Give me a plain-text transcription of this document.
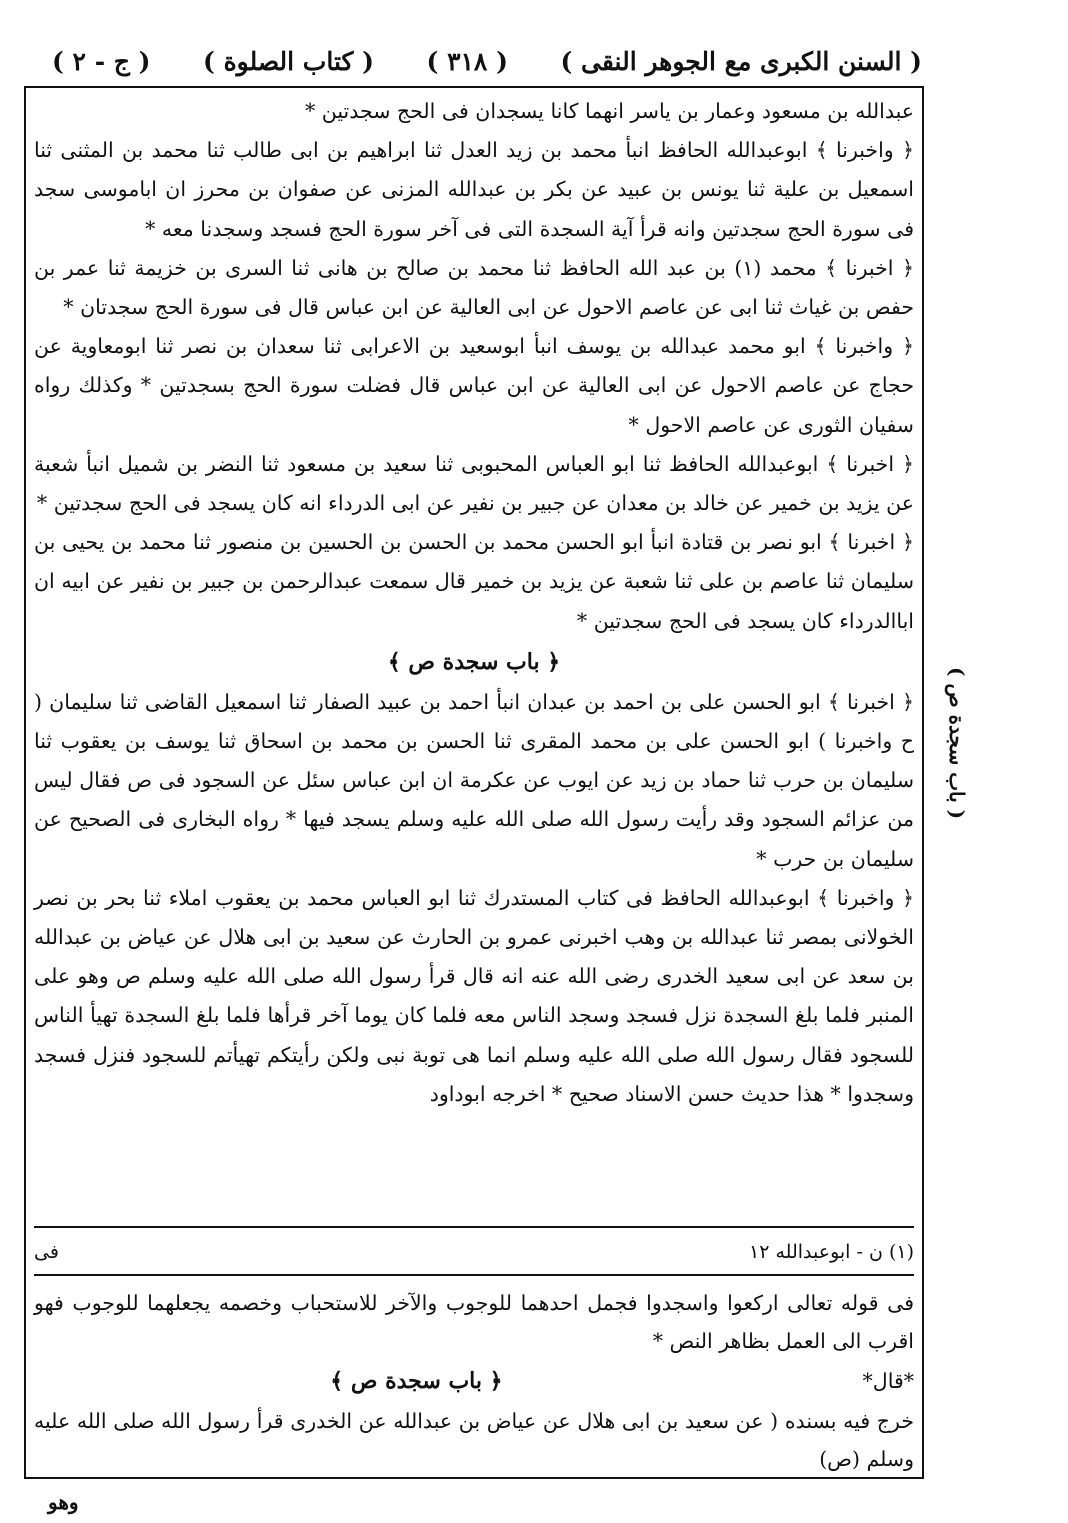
( السنن الكبرى مع الجوهر النقى )
( ٣١٨ )
( كتاب الصلوة )
( ج - ٢ )

عبدالله بن مسعود وعمار بن ياسر انهما كانا يسجدان فى الحج سجدتين *

﴿ واخبرنا ﴾ ابوعبدالله الحافظ انبأ محمد بن زيد العدل ثنا ابراهيم بن ابى طالب ثنا محمد بن المثنى ثنا اسمعيل بن علية ثنا يونس بن عبيد عن بكر بن عبدالله المزنى عن صفوان بن محرز ان اباموسى سجد فى سورة الحج سجدتين وانه قرأ آية السجدة التى فى آخر سورة الحج فسجد وسجدنا معه *

﴿ اخبرنا ﴾ محمد (١) بن عبد الله الحافظ ثنا محمد بن صالح بن هانى ثنا السرى بن خزيمة ثنا عمر بن حفص بن غياث ثنا ابى عن عاصم الاحول عن ابى العالية عن ابن عباس قال فى سورة الحج سجدتان *

﴿ واخبرنا ﴾ ابو محمد عبدالله بن يوسف انبأ ابوسعيد بن الاعرابى ثنا سعدان بن نصر ثنا ابومعاوية عن حجاج عن عاصم الاحول عن ابى العالية عن ابن عباس قال فضلت سورة الحج بسجدتين * وكذلك رواه سفيان الثورى عن عاصم الاحول *

﴿ اخبرنا ﴾ ابوعبدالله الحافظ ثنا ابو العباس المحبوبى ثنا سعيد بن مسعود ثنا النضر بن شميل انبأ شعبة عن يزيد بن خمير عن خالد بن معدان عن جبير بن نفير عن ابى الدرداء انه كان يسجد فى الحج سجدتين *

﴿ اخبرنا ﴾ ابو نصر بن قتادة انبأ ابو الحسن محمد بن الحسن بن الحسين بن منصور ثنا محمد بن يحيى بن سليمان ثنا عاصم بن على ثنا شعبة عن يزيد بن خمير قال سمعت عبدالرحمن بن جبير بن نفير عن ابيه ان اباالدرداء كان يسجد فى الحج سجدتين *

﴿ باب سجدة ص ﴾

﴿ اخبرنا ﴾ ابو الحسن على بن احمد بن عبدان انبأ احمد بن عبيد الصفار ثنا اسمعيل القاضى ثنا سليمان ( ح واخبرنا ) ابو الحسن على بن محمد المقرى ثنا الحسن بن محمد بن اسحاق ثنا يوسف بن يعقوب ثنا سليمان بن حرب ثنا حماد بن زيد عن ايوب عن عكرمة ان ابن عباس سئل عن السجود فى ص فقال ليس من عزائم السجود وقد رأيت رسول الله صلى الله عليه وسلم يسجد فيها * رواه البخارى فى الصحيح عن سليمان بن حرب *

﴿ واخبرنا ﴾ ابوعبدالله الحافظ فى كتاب المستدرك ثنا ابو العباس محمد بن يعقوب املاء ثنا بحر بن نصر الخولانى بمصر ثنا عبدالله بن وهب اخبرنى عمرو بن الحارث عن سعيد بن ابى هلال عن عياض بن عبدالله بن سعد عن ابى سعيد الخدرى رضى الله عنه انه قال قرأ رسول الله صلى الله عليه وسلم ص وهو على المنبر فلما بلغ السجدة نزل فسجد وسجد الناس معه فلما كان يوما آخر قرأها فلما بلغ السجدة تهيأ الناس للسجود فقال رسول الله صلى الله عليه وسلم انما هى توبة نبى ولكن رأيتكم تهيأتم للسجود فنزل فسجد وسجدوا * هذا حديث حسن الاسناد صحيح * اخرجه ابوداود

(١) ن - ابوعبدالله ١٢
فى

فى قوله تعالى اركعوا واسجدوا فجمل احدهما للوجوب والآخر للاستحباب وخصمه يجعلهما للوجوب فهو اقرب الى العمل بظاهر النص *

*قال*
﴿ باب سجدة ص ﴾

خرج فيه بسنده ( عن سعيد بن ابى هلال عن عياض بن عبدالله عن الخدرى قرأ رسول الله صلى الله عليه وسلم (ص)

( باب سجدة ص )
وهو
